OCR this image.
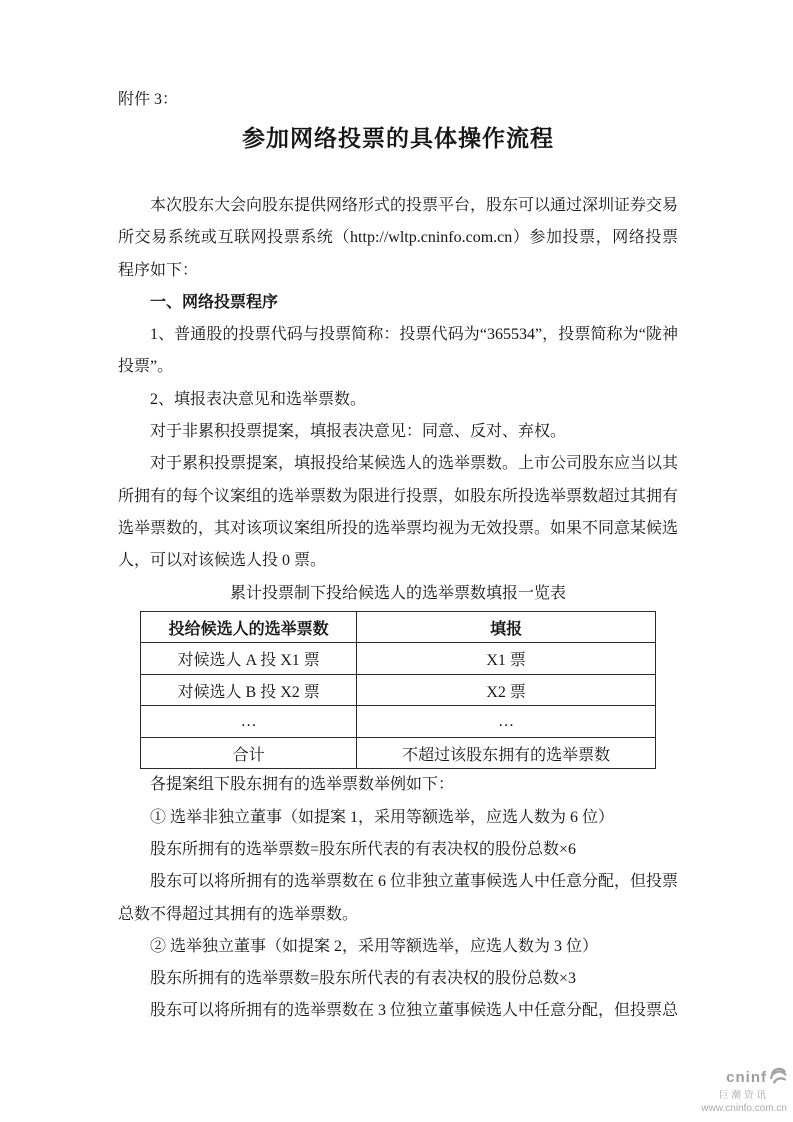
附件 3：
参加网络投票的具体操作流程

本次股东大会向股东提供网络形式的投票平台，股东可以通过深圳证券交易所交易系统或互联网投票系统（http://wltp.cninfo.com.cn）参加投票，网络投票程序如下：

一、网络投票程序

1、普通股的投票代码与投票简称：投票代码为“365534”，投票简称为“陇神投票”。

2、填报表决意见和选举票数。

对于非累积投票提案，填报表决意见：同意、反对、弃权。

对于累积投票提案，填报投给某候选人的选举票数。上市公司股东应当以其所拥有的每个议案组的选举票数为限进行投票，如股东所投选举票数超过其拥有选举票数的，其对该项议案组所投的选举票均视为无效投票。如果不同意某候选人，可以对该候选人投 0 票。

累计投票制下投给候选人的选举票数填报一览表

投给候选人的选举票数	填报
对候选人 A 投 X1 票	X1 票
对候选人 B 投 X2 票	X2 票
…	…
合计	不超过该股东拥有的选举票数

各提案组下股东拥有的选举票数举例如下：

① 选举非独立董事（如提案 1，采用等额选举，应选人数为 6 位）

股东所拥有的选举票数=股东所代表的有表决权的股份总数×6

股东可以将所拥有的选举票数在 6 位非独立董事候选人中任意分配，但投票总数不得超过其拥有的选举票数。

② 选举独立董事（如提案 2，采用等额选举，应选人数为 3 位）

股东所拥有的选举票数=股东所代表的有表决权的股份总数×3

股东可以将所拥有的选举票数在 3 位独立董事候选人中任意分配，但投票总

cninf
巨潮资讯
www.cninfo.com.cn
